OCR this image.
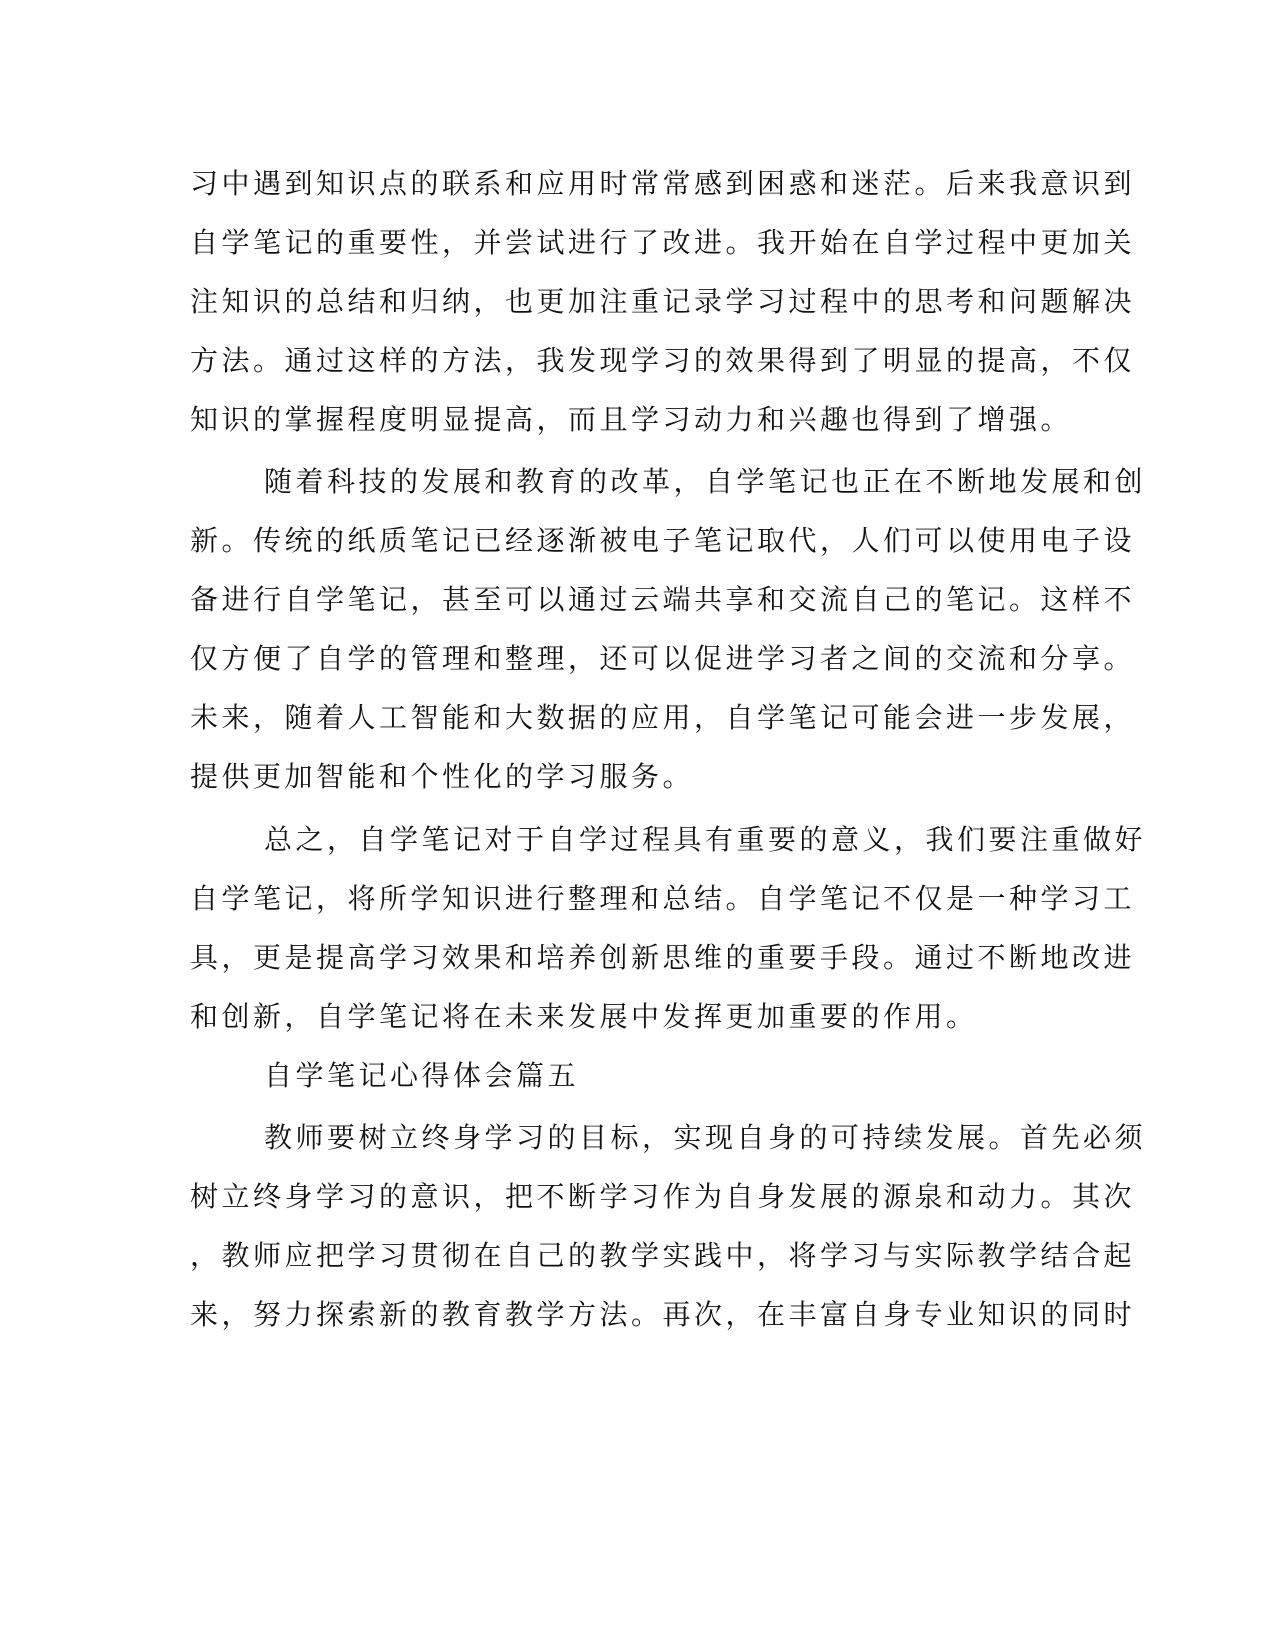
习中遇到知识点的联系和应用时常常感到困惑和迷茫。后来我意识到
自学笔记的重要性，并尝试进行了改进。我开始在自学过程中更加关
注知识的总结和归纳，也更加注重记录学习过程中的思考和问题解决
方法。通过这样的方法，我发现学习的效果得到了明显的提高，不仅
知识的掌握程度明显提高，而且学习动力和兴趣也得到了增强。
随着科技的发展和教育的改革，自学笔记也正在不断地发展和创
新。传统的纸质笔记已经逐渐被电子笔记取代，人们可以使用电子设
备进行自学笔记，甚至可以通过云端共享和交流自己的笔记。这样不
仅方便了自学的管理和整理，还可以促进学习者之间的交流和分享。
未来，随着人工智能和大数据的应用，自学笔记可能会进一步发展，
提供更加智能和个性化的学习服务。
总之，自学笔记对于自学过程具有重要的意义，我们要注重做好
自学笔记，将所学知识进行整理和总结。自学笔记不仅是一种学习工
具，更是提高学习效果和培养创新思维的重要手段。通过不断地改进
和创新，自学笔记将在未来发展中发挥更加重要的作用。
自学笔记心得体会篇五
教师要树立终身学习的目标，实现自身的可持续发展。首先必须
树立终身学习的意识，把不断学习作为自身发展的源泉和动力。其次
，教师应把学习贯彻在自己的教学实践中，将学习与实际教学结合起
来，努力探索新的教育教学方法。再次，在丰富自身专业知识的同时
